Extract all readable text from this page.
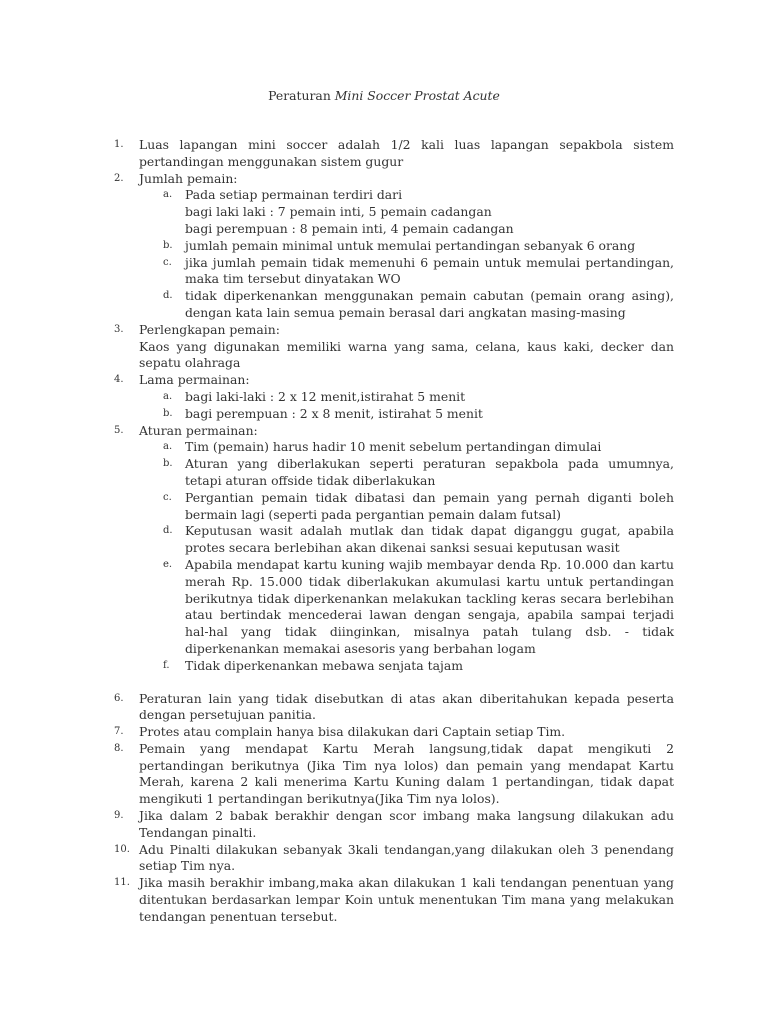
Peraturan Mini Soccer Prostat Acute
1.	Luas lapangan mini soccer adalah 1/2 kali luas lapangan sepakbola sistem pertandingan menggunakan sistem gugur
2.	Jumlah pemain:
a.	Pada setiap permainan terdiri dari
bagi laki laki : 7 pemain inti, 5 pemain cadangan
bagi perempuan : 8 pemain inti, 4 pemain cadangan
b.	jumlah pemain minimal untuk memulai pertandingan sebanyak 6 orang
c.	jika jumlah pemain tidak memenuhi 6 pemain untuk memulai pertandingan, maka tim tersebut dinyatakan WO
d.	tidak diperkenankan menggunakan pemain cabutan (pemain orang asing), dengan kata lain semua pemain berasal dari angkatan masing-masing
3.	Perlengkapan pemain:
Kaos yang digunakan memiliki warna yang sama, celana, kaus kaki, decker dan sepatu olahraga
4.	Lama permainan:
a.	bagi laki-laki : 2 x 12 menit,istirahat 5 menit
b.	bagi perempuan : 2 x 8 menit, istirahat 5 menit
5.	Aturan permainan:
a.	Tim (pemain) harus hadir 10 menit sebelum pertandingan dimulai
b.	Aturan yang diberlakukan seperti peraturan sepakbola pada umumnya, tetapi aturan offside tidak diberlakukan
c.	Pergantian pemain tidak dibatasi dan pemain yang pernah diganti boleh bermain lagi (seperti pada pergantian pemain dalam futsal)
d.	Keputusan wasit adalah mutlak dan tidak dapat diganggu gugat, apabila protes secara berlebihan akan dikenai sanksi sesuai keputusan wasit
e.	Apabila mendapat kartu kuning wajib membayar denda Rp. 10.000 dan kartu merah Rp. 15.000 tidak diberlakukan akumulasi kartu untuk pertandingan berikutnya tidak diperkenankan melakukan tackling keras secara berlebihan atau bertindak mencederai lawan dengan sengaja, apabila sampai terjadi hal-hal yang tidak diinginkan, misalnya patah tulang dsb. - tidak diperkenankan memakai asesoris yang berbahan logam
f.	Tidak diperkenankan mebawa senjata tajam
6.	Peraturan lain yang tidak disebutkan di atas akan diberitahukan kepada peserta dengan persetujuan panitia.
7.	Protes atau complain hanya bisa dilakukan dari Captain setiap Tim.
8.	Pemain yang mendapat Kartu Merah langsung,tidak dapat mengikuti 2 pertandingan berikutnya (Jika Tim nya lolos) dan pemain yang mendapat Kartu Merah, karena 2 kali menerima Kartu Kuning dalam 1 pertandingan, tidak dapat mengikuti 1 pertandingan berikutnya(Jika Tim nya lolos).
9.	Jika dalam 2 babak berakhir dengan scor imbang maka langsung dilakukan adu Tendangan pinalti.
10. Adu Pinalti dilakukan sebanyak 3kali tendangan,yang dilakukan oleh 3 penendang setiap Tim nya.
11. Jika masih berakhir imbang,maka akan dilakukan 1 kali tendangan penentuan yang ditentukan berdasarkan lempar Koin untuk menentukan Tim mana yang melakukan tendangan penentuan tersebut.
